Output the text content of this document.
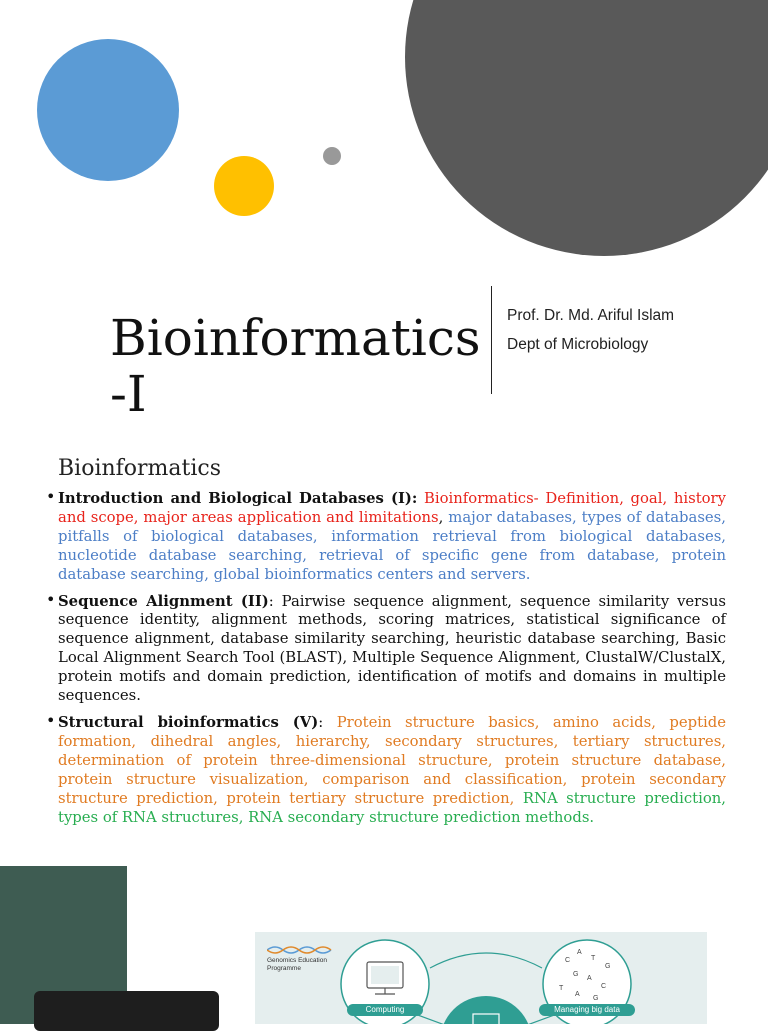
Bioinformatics
-I
Prof. Dr. Md. Ariful Islam
Dept of Microbiology
Bioinformatics
• Introduction and Biological Databases (I): Bioinformatics- Definition, goal, history and scope, major areas application and limitations, major databases, types of databases, pitfalls of biological databases, information retrieval from biological databases, nucleotide database searching, retrieval of specific gene from database, protein database searching, global bioinformatics centers and servers.
• Sequence Alignment (II): Pairwise sequence alignment, sequence similarity versus sequence identity, alignment methods, scoring matrices, statistical significance of sequence alignment, database similarity searching, heuristic database searching, Basic Local Alignment Search Tool (BLAST), Multiple Sequence Alignment, ClustalW/ClustalX, protein motifs and domain prediction, identification of motifs and domains in multiple sequences.
• Structural bioinformatics (V): Protein structure basics, amino acids, peptide formation, dihedral angles, hierarchy, secondary structures, tertiary structures, determination of protein three-dimensional structure, protein structure database, protein structure visualization, comparison and classification, protein secondary structure prediction, protein tertiary structure prediction, RNA structure prediction, types of RNA structures, RNA secondary structure prediction methods.
Genomics Education
Programme
C
A
T
G
G
A
C
T
A
G
Computing	Managing big data
